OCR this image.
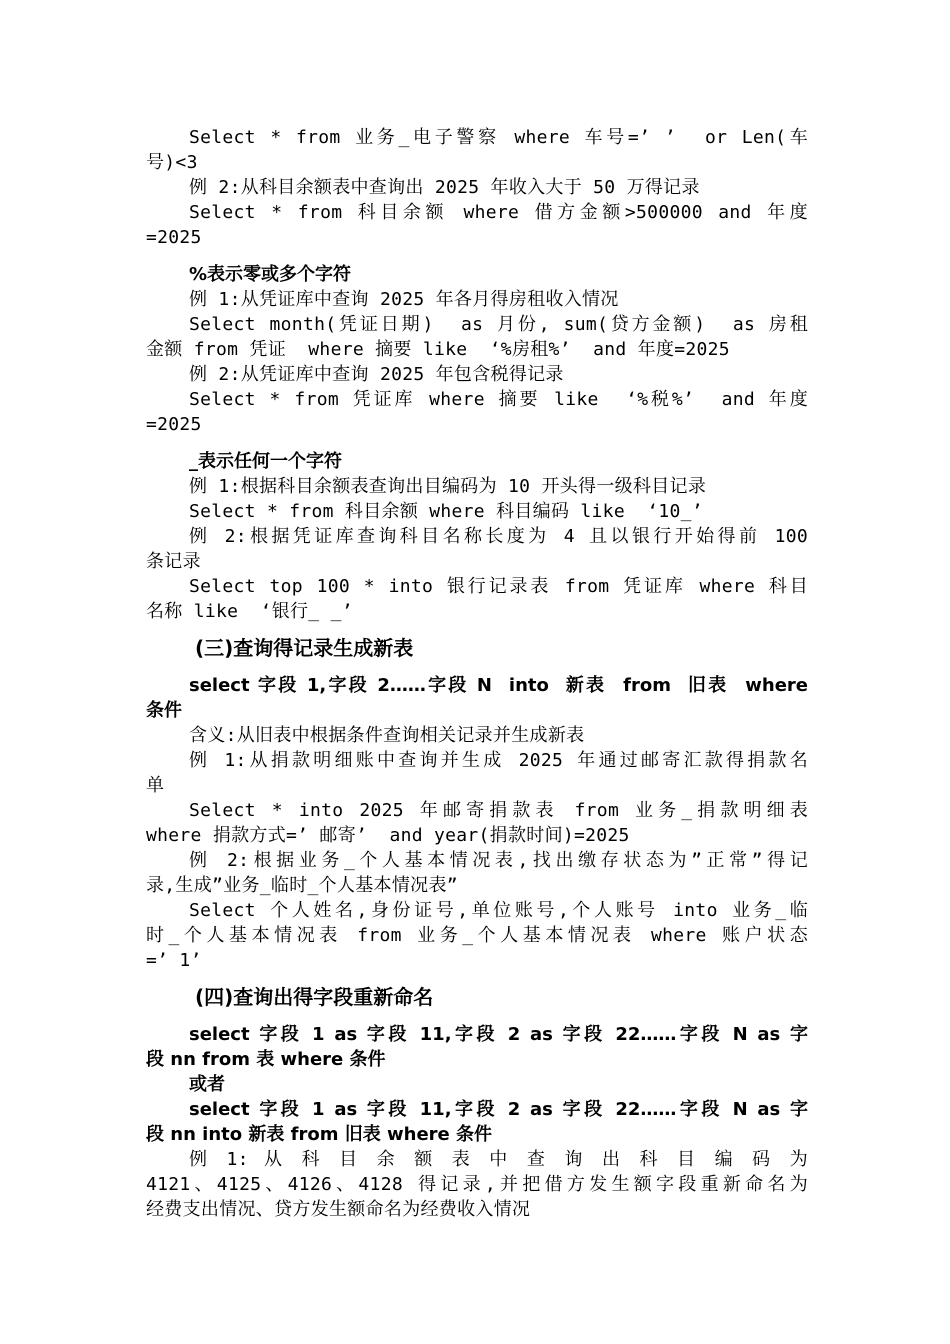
Select * from 业务_电子警察 where 车号=’ ’  or Len(车
号)<3
例 2:从科目余额表中查询出 2025 年收入大于 50 万得记录
Select * from 科目余额 where 借方金额>500000 and 年度
=2025
%表示零或多个字符
例 1:从凭证库中查询 2025 年各月得房租收入情况
Select month(凭证日期)  as 月份, sum(贷方金额)  as 房租
金额 from 凭证  where 摘要 like  ‘%房租%’  and 年度=2025
例 2:从凭证库中查询 2025 年包含税得记录
Select * from 凭证库 where 摘要 like  ‘%税%’  and 年度
=2025
_表示任何一个字符
例 1:根据科目余额表查询出目编码为 10 开头得一级科目记录
Select * from 科目余额 where 科目编码 like  ‘10_’
例 2:根据凭证库查询科目名称长度为 4 且以银行开始得前 100
条记录
Select top 100 * into 银行记录表 from 凭证库 where 科目
名称 like  ‘银行_ _’
(三)查询得记录生成新表
select 字段 1,字段 2……字段 N  into  新表  from  旧表  where
条件
含义:从旧表中根据条件查询相关记录并生成新表
例 1:从捐款明细账中查询并生成 2025 年通过邮寄汇款得捐款名
单
Select * into 2025 年邮寄捐款表 from 业务_捐款明细表
where 捐款方式=’ 邮寄’  and year(捐款时间)=2025
例 2:根据业务_个人基本情况表,找出缴存状态为”正常”得记
录,生成”业务_临时_个人基本情况表”
Select 个人姓名,身份证号,单位账号,个人账号 into 业务_临
时_个人基本情况表 from 业务_个人基本情况表 where 账户状态
=’ 1’
(四)查询出得字段重新命名
select 字段 1 as 字段 11,字段 2 as 字段 22……字段 N as 字
段 nn from 表 where 条件
或者
select 字段 1 as 字段 11,字段 2 as 字段 22……字段 N as 字
段 nn into 新表 from 旧表 where 条件
例 1: 从 科 目 余 额 表 中 查 询 出 科 目 编 码 为
4121、4125、4126、4128 得记录,并把借方发生额字段重新命名为
经费支出情况、贷方发生额命名为经费收入情况
